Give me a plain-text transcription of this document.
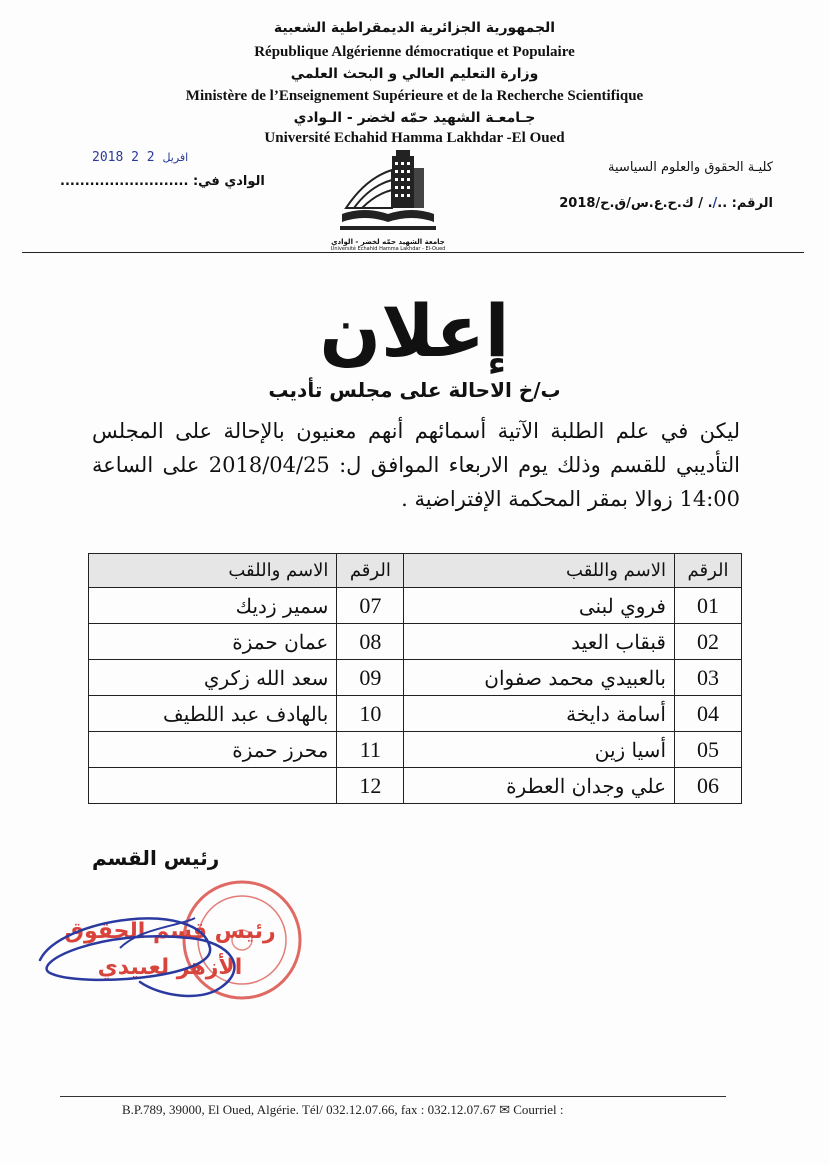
الجمهورية الجزائرية الديمقراطية الشعبية
République Algérienne démocratique et Populaire
وزارة التعليم العالي و البحث العلمي
Ministère de l’Enseignement Supérieure et de la Recherche Scientifique
جـامعـة الشهيد حمّه لخضر - الـوادي
Université Echahid Hamma Lakhdar -El Oued
2018	افريل 2 2
الوادي في: ..........................
كليـة الحقوق والعلوم السياسية
الرقم: ../. / ك.ح.ع.س/ق.ح/2018
جامعة الشهيد حمّه لخضر - الوادي
Université Echahid Hamma Lakhdar - El-Oued
إعلان
ب/خ الاحالة على مجلس تأديب

ليكن في علم الطلبة الآتية أسمائهم أنهم معنيون بالإحالة على المجلس التأديبي للقسم وذلك يوم الاربعاء الموافق ل: 2018/04/25 على الساعة 14:00 زوالا بمقر المحكمة الإفتراضية .

الرقم	الاسم واللقب	الرقم	الاسم واللقب
01	فروي لبنى	07	سمير زديك
02	قبقاب العيد	08	عمان حمزة
03	بالعبيدي محمد صفوان	09	سعد الله زكري
04	أسامة دايخة	10	بالهادف عبد اللطيف
05	أسيا زين	11	محرز حمزة
06	علي وجدان العطرة	12	
رئيس القسم
رئيس قسم الحقوق
الأزهر لعبيدي
B.P.789, 39000, El Oued, Algérie. Tél/ 032.12.07.66, fax : 032.12.07.67 ✉ Courriel :
